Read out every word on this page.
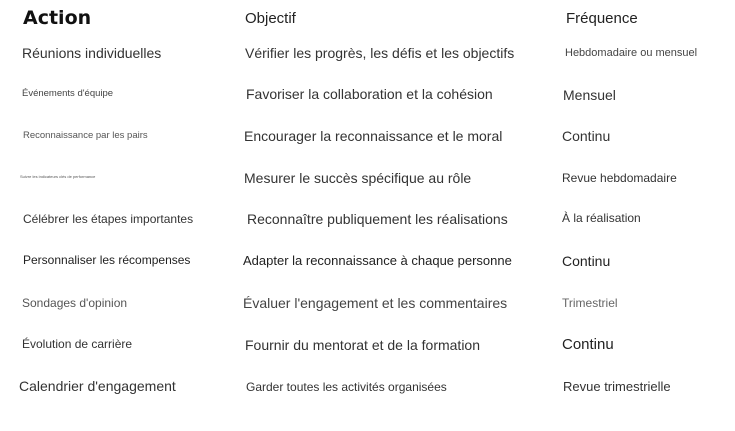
Action	Objectif	Fréquence
Réunions individuelles	Vérifier les progrès, les défis et les objectifs	Hebdomadaire ou mensuel
Événements d'équipe	Favoriser la collaboration et la cohésion	Mensuel
Reconnaissance par les pairs	Encourager la reconnaissance et le moral	Continu
Suivre les indicateurs clés de performance	Mesurer le succès spécifique au rôle	Revue hebdomadaire
Célébrer les étapes importantes	Reconnaître publiquement les réalisations	À la réalisation
Personnaliser les récompenses	Adapter la reconnaissance à chaque personne	Continu
Sondages d'opinion	Évaluer l'engagement et les commentaires	Trimestriel
Évolution de carrière	Fournir du mentorat et de la formation	Continu
Calendrier d'engagement	Garder toutes les activités organisées	Revue trimestrielle
